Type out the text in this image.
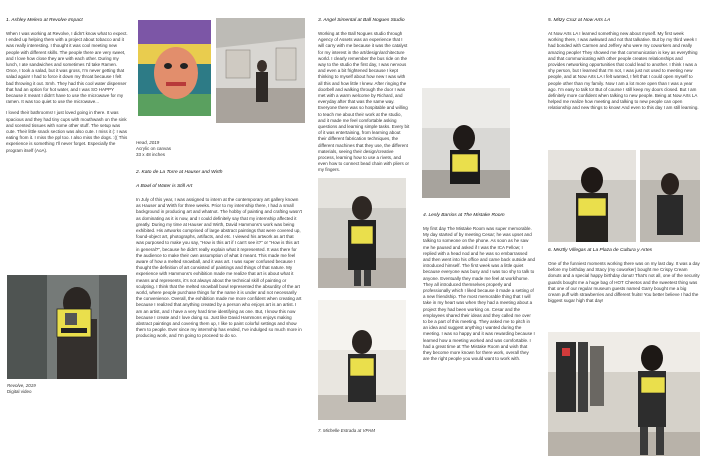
1. Ashley Melero at Revolve Impact

When I was working at Revolve, I didn't know what to expect. I ended up helping them with a project about tobacco and it was really interesting. I thought it was cool meeting new people with different skills. The people there are very sweet, and I love how close they are with each other. During my lunch, I ate sandwiches and sometimes I'd take Ramen. Once, I took a salad, but it was gross, I'm never getting that salad again! I had to force it down my throat because I felt bad throwing it out. Smh. They had this cool water dispenser that had an option for hot water, and I was SO HAPPY because it meant I didn't have to use the microwave for my ramen. It was too quiet to use the microwave...

I loved their bathrooms! I just loved going in there. It was spacious and they had tiny cups with mouthwash on the sink and scented tissues with some other stuff. The setup was cute. Their little snack section was also cute. I miss it (: I was eating from it. I miss the ppl too. I also miss the dogs. :(( This experience is something I'll never forget. Especially the program itself (AoA).

Revolve, 2019
Digital video
Head, 2019
Acrylic on canvas
33 x 48 inches
2. Kato de La Torre at Hauser and Wirth
A Bowl of Water is Still Art

In July of this year, I was assigned to intern at the contemporary art gallery known as Hauser and Wirth for three weeks. Prior to my internship there, I had a small background in producing art and whatnot. The hobby of painting and crafting wasn't as dominating as it is now, and I could definitely say that my internship affected it greatly. During my time at Hauser and Wirth, David Hammons's work was being exhibited. His artworks comprised of large abstract paintings that were covered up, found-object art, photographs, artifacts, and etc. I viewed his artwork as art that was purposed to make you say, "How is this art if I can't see it?" or "How is this art in general?", because he didn't really explain what it represented. It was there for the audience to make their own assumption of what it meant. This made me feel aware of how a melted snowball, and it was art. I was super confused because I thought the definition of art consisted of paintings and things of that nature. My experience with Hammons's exhibition made me realize that art is about what it means and represents, it's not always about the technical skill of painting or sculpting. I think that the melted snowball bowl represented the absurdity of the art world, where people purchase things for the name it is under and not necessarily the convenience. Overall, the exhibition made me more confident when creating art because I realized that anything created by a person who enjoys art is an artist. I am an artist, and I have a very hard time identifying as one. But, I know this now because I create and I love doing so. Just like David Hammons enjoys making abstract paintings and covering them up, I like to paint colorful settings and show them to people. Ever since my internship has ended, I've indulged so much more in producing work, and I'm going to proceed to do so.

3. Angel Simental at Ball Nogues Studio

Working at the Ball Nogues studio through Agency of Assets was an experience that I will carry with me because it was the catalyst for my interest in the art/design/architecture world. I clearly remember the bus ride on the way to the studio the first day, I was nervous and even a bit frightened because I kept thinking to myself about how new I was with all this and how little I knew. After ringing the doorbell and walking through the door I was met with a warm welcome by Richard, and everyday after that was the same way. Everyone there was so hospitable and willing to teach me about their work at the studio, and it made me feel comfortable asking questions and learning simple tasks. Every bit of it was entertaining, from learning about their different fabrication techniques, the different machines that they use, the different materials, seeing their design/creative process, learning how to use a rivets, and even how to connect bead chain with pliers or my fingers.

7. Michelle Estrada at VPAM
4. Lesly Barrios at The Mistake Room

My first day The Mistake Room was super memorable. My day started of by meeting Cesar; he was upset and talking to someone on the phone. As soon as he saw me he paused and asked if I was the ICA Fellow; I replied with a head nod and he was so embarrassed and then went into his office and came back outside and introduced himself. The first week was a little quiet because everyone was busy and I was too shy to talk to anyone. Eventually they made me feel at work/home. They all introduced themselves properly and professionally which I liked because it made a setting of a new friendship. The most memorable thing that I will take in my heart was when they had a meeting about a project they had been working on. Cesar and the employees shared their ideas and they called me over to be a part of this meeting. They asked me to pitch in an idea and suggest anything I wanted during the meeting. I was so happy and it was rewarding because I learned how a meeting worked and was comfortable. I had a great time at The Mistake Room and wish that they become more known for there work, overall they are the right people you would want to work with.

5. Mitzy Cruz at Now Arts LA

At Now Arts LA I learned something new about myself. My first week working there, I was awkward and not that talkative. But by my third week I had bonded with Carmen and Jeffery who were my coworkers and really amazing people! They showed me that communication is key as everything and that communicating with other people creates relationships and provides networking opportunities that could lead to another. I think I was a shy person, but I learned that I'm not, I was just not used to meeting new people, and at Now Arts LA I felt wanted, I felt that I could open myself to people other than my family. Now I am a lot more open than I was a year ago. I'm easy to talk to! But of course I still keep my doors closed. But I am definitely more confident when talking to new people. Being at Now Arts LA helped me realize how meeting and talking to new people can open relationship and new things to know! And even to this day I am still learning.

6. Meztly Villegas at La Plaza de Cultura y Artes

One of the funniest moments working there was on my last day. It was a day before my birthday and Stacy (my coworker) bought me Crispy Cream donuts and a special happy birthday donut! That's not all, one of the security guards bought me a huge bag of HOT Cheetos and the sweetest thing was that one of our regular museum guests named Garry bought me a big cream puff with strawberries and different fruits! You better believe I had the biggest sugar high that day!
